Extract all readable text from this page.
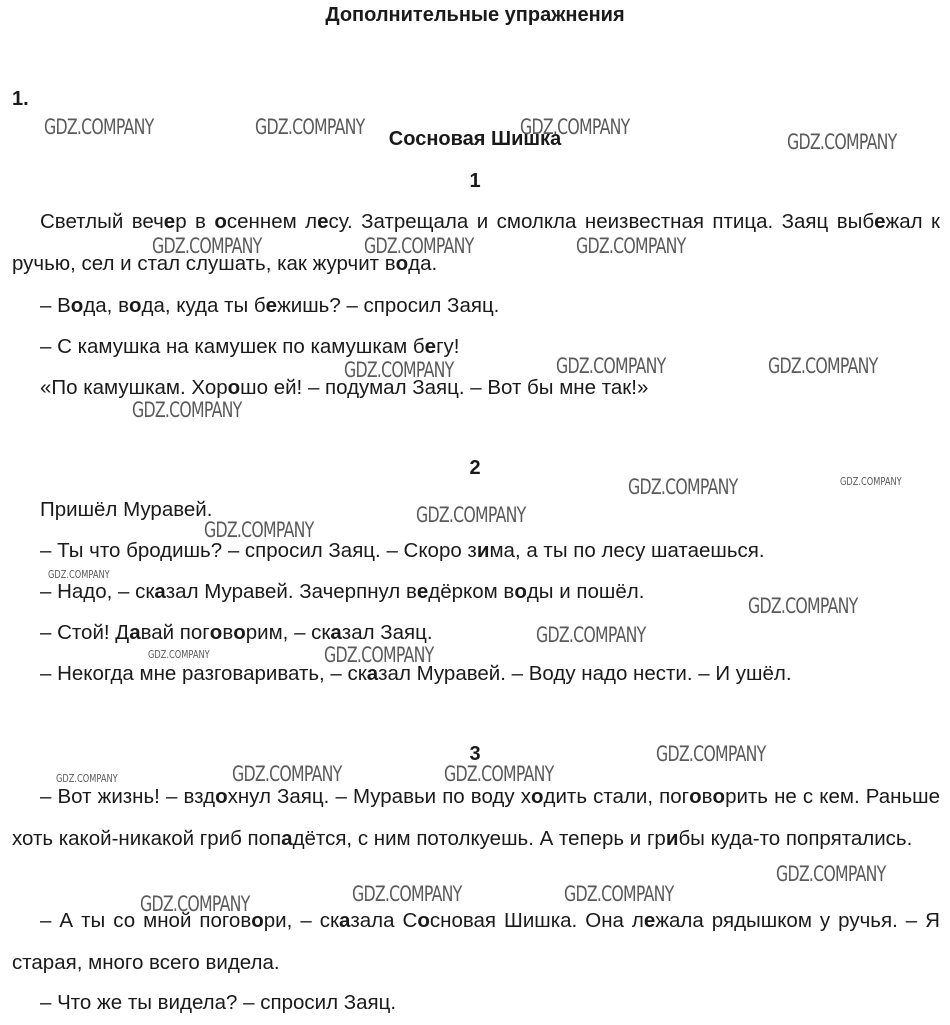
Дополнительные упражнения
1.
Сосновая Шишка
1

Светлый вечер в осеннем лесу. Затрещала и смолкла неизвестная птица. Заяц выбежал к ручью, сел и стал слушать, как журчит вода.

– Вода, вода, куда ты бежишь? – спросил Заяц.

– С камушка на камушек по камушкам бегу!

«По камушкам. Хорошо ей! – подумал Заяц. – Вот бы мне так!»

2

Пришёл Муравей.

– Ты что бродишь? – спросил Заяц. – Скоро зима, а ты по лесу шатаешься.

– Надо, – сказал Муравей. Зачерпнул ведёрком воды и пошёл.

– Стой! Давай поговорим, – сказал Заяц.

– Некогда мне разговаривать, – сказал Муравей. – Воду надо нести. – И ушёл.

3

– Вот жизнь! – вздохнул Заяц. – Муравьи по воду ходить стали, поговорить не с кем. Раньше хоть какой-никакой гриб попадётся, с ним потолкуешь. А теперь и грибы куда-то попрятались.

– А ты со мной поговори, – сказала Сосновая Шишка. Она лежала рядышком у ручья. – Я старая, много всего видела.

– Что же ты видела? – спросил Заяц.

GDZ.COMPANY	GDZ.COMPANY	GDZ.COMPANY
GDZ.COMPANY
GDZ.COMPANY	GDZ.COMPANY	GDZ.COMPANY
GDZ.COMPANY	GDZ.COMPANY	GDZ.COMPANY
GDZ.COMPANY
GDZ.COMPANY	GDZ.COMPANY
GDZ.COMPANY
GDZ.COMPANY
GDZ.COMPANY
GDZ.COMPANY
GDZ.COMPANY
GDZ.COMPANY	GDZ.COMPANY
GDZ.COMPANY
GDZ.COMPANY	GDZ.COMPANY	GDZ.COMPANY
GDZ.COMPANY
GDZ.COMPANY	GDZ.COMPANY
GDZ.COMPANY
